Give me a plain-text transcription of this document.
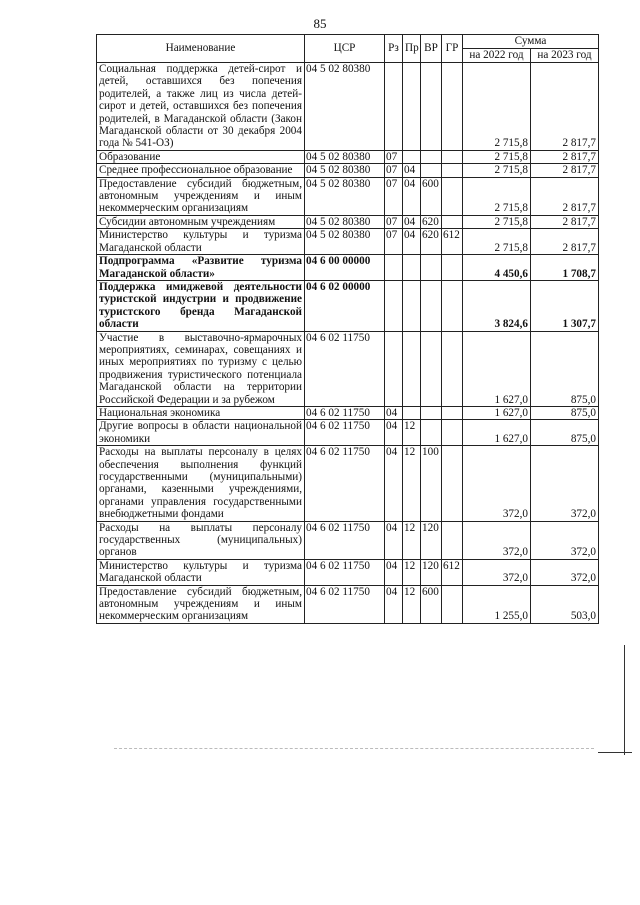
85
Наименование	ЦСР	Рз	Пр	ВР	ГР	Сумма	
						на 2022 год	на 2023 год
Социальная поддержка детей-сирот и детей, оставшихся без попечения родителей, а также лиц из числа детей-сирот и детей, оставшихся без попечения родителей, в Магаданской области (Закон Магаданской области от 30 декабря 2004 года № 541-ОЗ)	04 5 02 80380					2 715,8	2 817,7
Образование	04 5 02 80380	07				2 715,8	2 817,7
Среднее профессиональное образование	04 5 02 80380	07	04			2 715,8	2 817,7
Предоставление субсидий бюджетным, автономным учреждениям и иным некоммерческим организациям	04 5 02 80380	07	04	600		2 715,8	2 817,7
Субсидии автономным учреждениям	04 5 02 80380	07	04	620		2 715,8	2 817,7
Министерство культуры и туризма Магаданской области	04 5 02 80380	07	04	620	612	2 715,8	2 817,7
Подпрограмма «Развитие туризма Магаданской области»	04 6 00 00000					4 450,6	1 708,7
Поддержка имиджевой деятельности туристской индустрии и продвижение туристского бренда Магаданской области	04 6 02 00000					3 824,6	1 307,7
Участие в выставочно-ярмарочных мероприятиях, семинарах, совещаниях и иных мероприятиях по туризму с целью продвижения туристического потенциала Магаданской области на территории Российской Федерации и за рубежом	04 6 02 11750					1 627,0	875,0
Национальная экономика	04 6 02 11750	04				1 627,0	875,0
Другие вопросы в области национальной экономики	04 6 02 11750	04	12			1 627,0	875,0
Расходы на выплаты персоналу в целях обеспечения выполнения функций государственными (муниципальными) органами, казенными учреждениями, органами управления государственными внебюджетными фондами	04 6 02 11750	04	12	100		372,0	372,0
Расходы на выплаты персоналу государственных (муниципальных) органов	04 6 02 11750	04	12	120		372,0	372,0
Министерство культуры и туризма Магаданской области	04 6 02 11750	04	12	120	612	372,0	372,0
Предоставление субсидий бюджетным, автономным учреждениям и иным некоммерческим организациям	04 6 02 11750	04	12	600		1 255,0	503,0
